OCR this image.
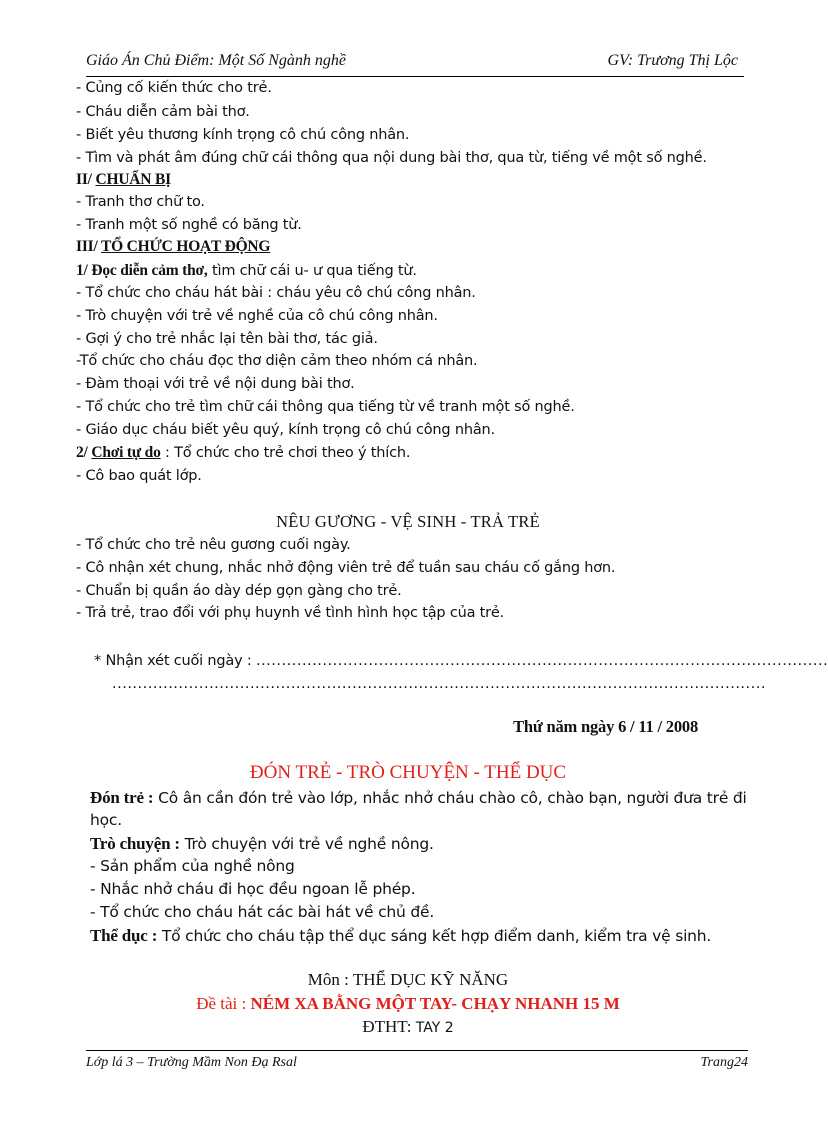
Giáo Án Chủ Điểm: Một Số Ngành nghề	GV: Trương Thị Lộc
- Củng cố kiến thức cho trẻ.
- Cháu diễn cảm bài thơ.
- Biết yêu thương kính trọng cô chú công nhân.
- Tìm và phát âm đúng chữ cái thông qua nội dung bài thơ, qua từ, tiếng về một số nghề.
II/ CHUẨN BỊ
- Tranh thơ chữ to.
- Tranh một số nghề có băng từ.
III/ TỔ CHỨC HOẠT ĐỘNG
1/ Đọc diễn cảm thơ, tìm chữ cái u- ư qua tiếng từ.
- Tổ chức cho cháu hát bài : cháu yêu cô chú công nhân.
- Trò chuyện với trẻ về nghề của cô chú công nhân.
- Gợi ý cho trẻ nhắc lại tên bài thơ, tác giả.
-Tổ chức cho cháu đọc thơ diện cảm theo nhóm cá nhân.
- Đàm thoại với trẻ về nội dung bài thơ.
- Tổ chức cho trẻ tìm chữ cái thông qua tiếng từ về tranh một số nghề.
- Giáo dục cháu biết yêu quý, kính trọng cô chú công nhân.
2/ Chơi tự do : Tổ chức cho trẻ chơi theo ý thích.
- Cô bao quát lớp.
NÊU GƯƠNG - VỆ SINH - TRẢ TRẺ
- Tổ chức cho trẻ nêu gương cuối ngày.
- Cô nhận xét chung, nhắc nhở động viên trẻ để tuần sau cháu cố gắng hơn.
- Chuẩn bị quần áo dày dép gọn gàng cho trẻ.
- Trả trẻ, trao đổi với phụ huynh về tình hình học tập của trẻ.
* Nhận xét cuối ngày : ................................................................................................................
................................................................................................................................
Thứ năm ngày 6 / 11 / 2008
ĐÓN TRẺ - TRÒ CHUYỆN - THỂ DỤC
Đón trẻ : Cô ân cần đón trẻ vào lớp, nhắc nhở cháu chào cô, chào bạn, người đưa trẻ đi
học.
Trò chuyện : Trò chuyện với trẻ về nghề nông.
- Sản phẩm của nghề nông
- Nhắc nhở cháu đi học đều ngoan lễ phép.
- Tổ chức cho cháu hát các bài hát về chủ đề.
Thể dục : Tổ chức cho cháu tập thể dục sáng kết hợp điểm danh, kiểm tra vệ sinh.
Môn : THỂ DỤC KỸ NĂNG
Đề tài : NÉM XA BẰNG MỘT TAY- CHẠY NHANH 15 M
ĐTHT: TAY 2
Lớp lá 3 – Trường Mầm Non Đạ Rsal	Trang24
